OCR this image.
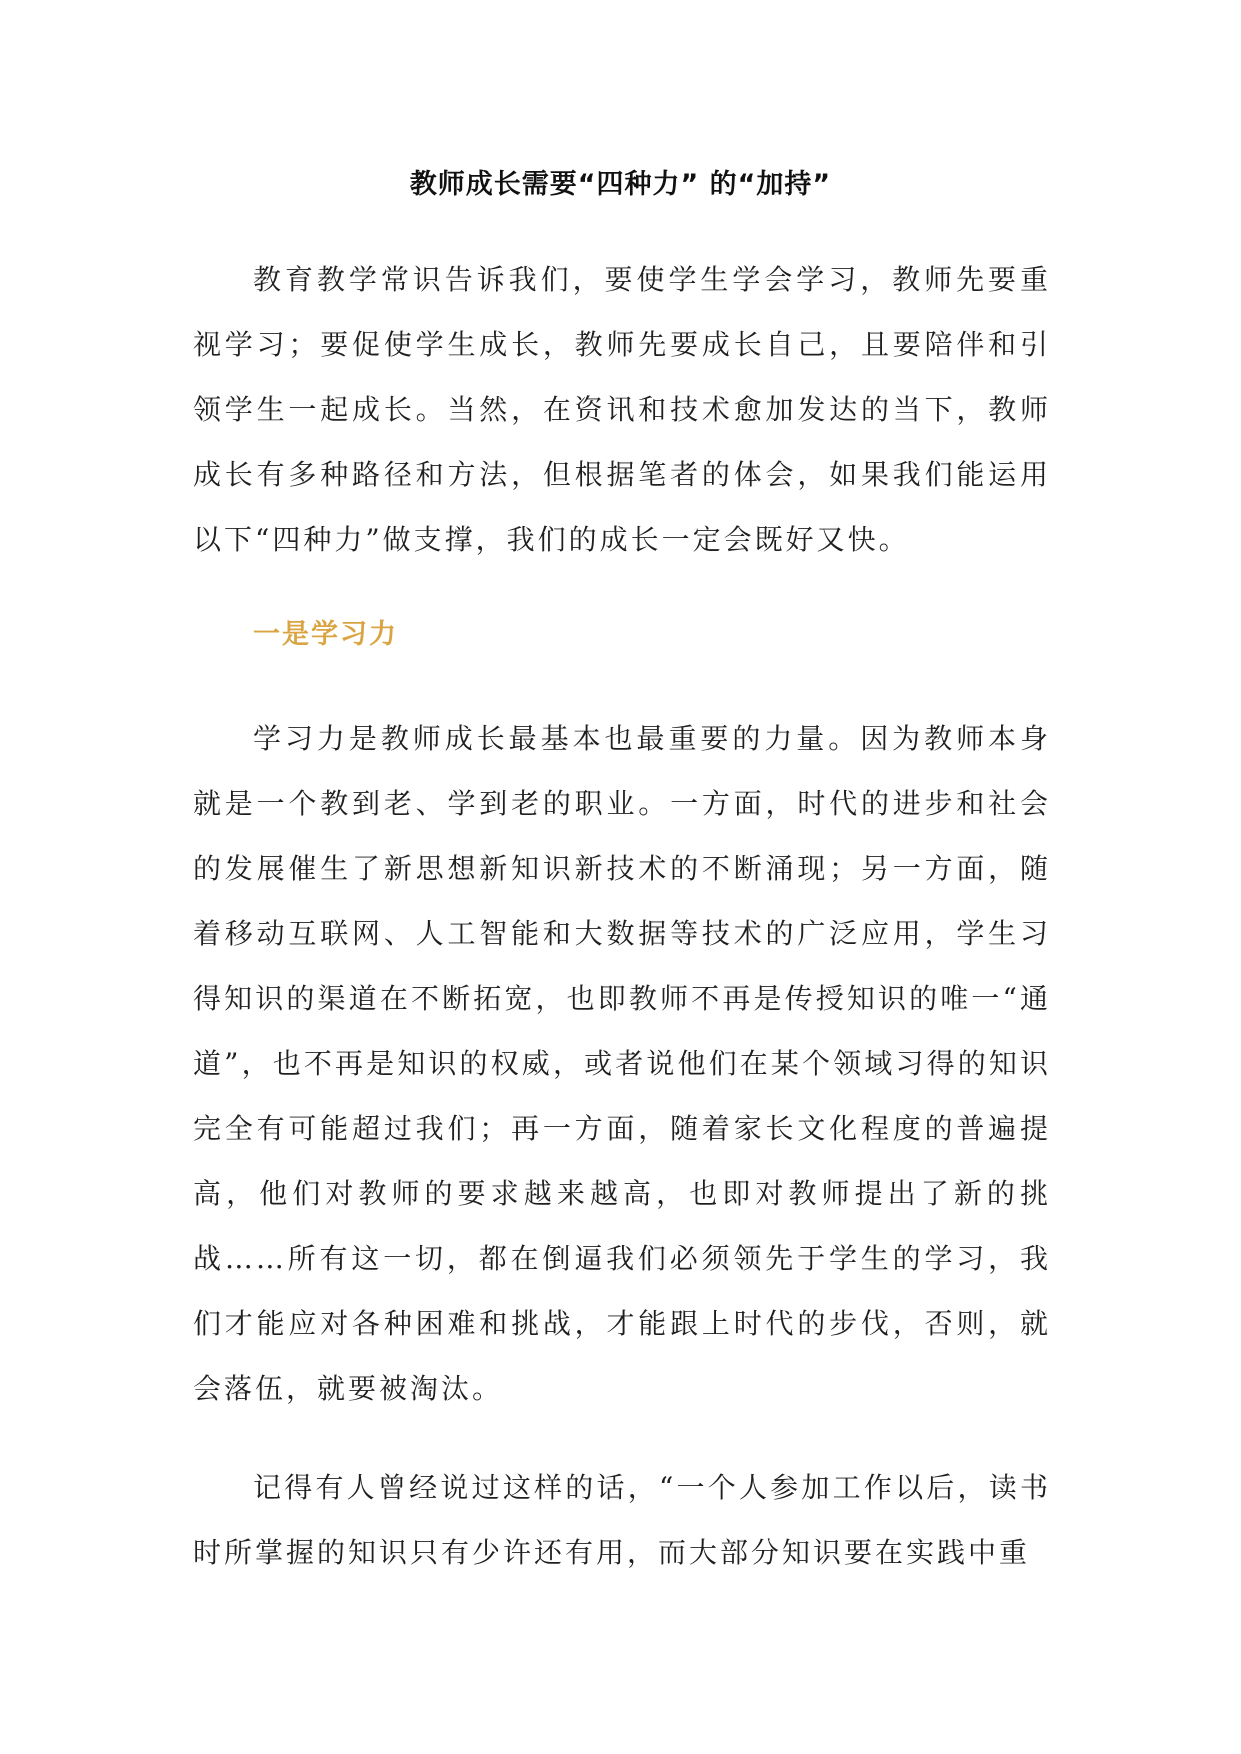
教师成长需要“四种力” 的“加持”

教育教学常识告诉我们，要使学生学会学习，教师先要重视学习；要促使学生成长，教师先要成长自己，且要陪伴和引领学生一起成长。当然，在资讯和技术愈加发达的当下，教师成长有多种路径和方法，但根据笔者的体会，如果我们能运用以下“四种力”做支撑，我们的成长一定会既好又快。

一是学习力

学习力是教师成长最基本也最重要的力量。因为教师本身就是一个教到老、学到老的职业。一方面，时代的进步和社会的发展催生了新思想新知识新技术的不断涌现；另一方面，随着移动互联网、人工智能和大数据等技术的广泛应用，学生习得知识的渠道在不断拓宽，也即教师不再是传授知识的唯一“通道”，也不再是知识的权威，或者说他们在某个领域习得的知识完全有可能超过我们；再一方面，随着家长文化程度的普遍提高，他们对教师的要求越来越高，也即对教师提出了新的挑战……所有这一切，都在倒逼我们必须领先于学生的学习，我们才能应对各种困难和挑战，才能跟上时代的步伐，否则，就会落伍，就要被淘汰。

记得有人曾经说过这样的话，“一个人参加工作以后，读书时所掌握的知识只有少许还有用，而大部分知识要在实践中重
